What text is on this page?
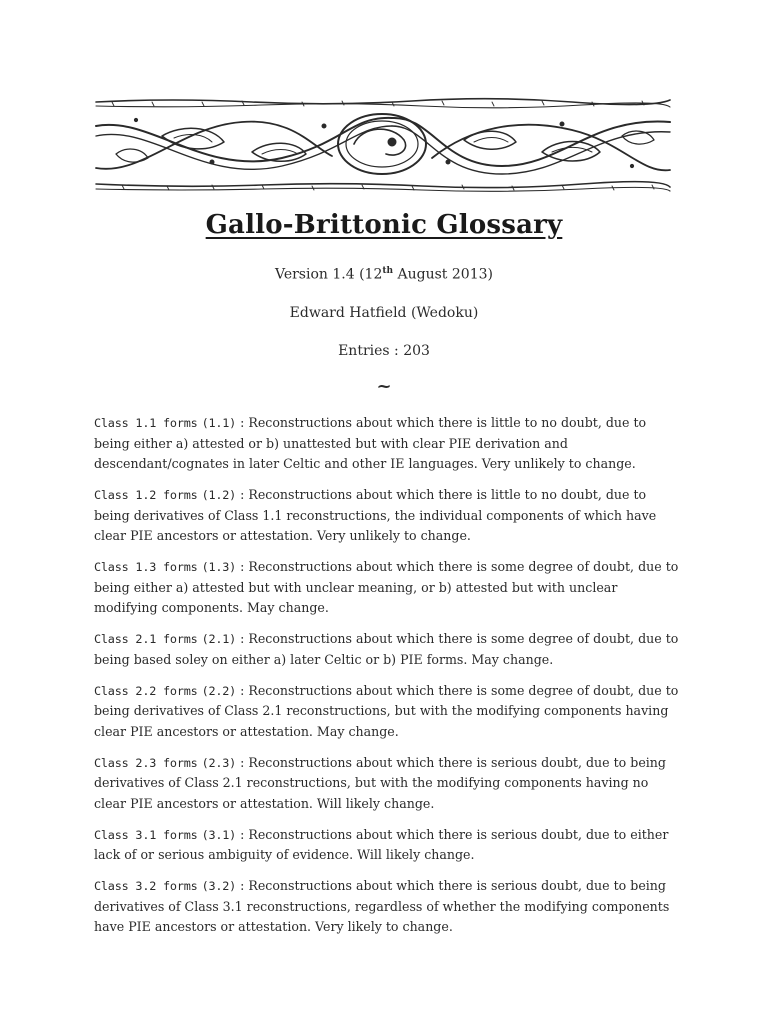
Gallo-Brittonic Glossary
Version 1.4 (12th August 2013)
Edward Hatfield (Wedoku)
Entries : 203
~

Class 1.1 forms (1.1) : Reconstructions about which there is little to no doubt, due to being either a) attested or b) unattested but with clear PIE derivation and descendant/cognates in later Celtic and other IE languages. Very unlikely to change.

Class 1.2 forms (1.2) : Reconstructions about which there is little to no doubt, due to being derivatives of Class 1.1 reconstructions, the individual components of which have clear PIE ancestors or attestation. Very unlikely to change.

Class 1.3 forms (1.3) : Reconstructions about which there is some degree of doubt, due to being either a) attested but with unclear meaning, or b) attested but with unclear modifying components. May change.

Class 2.1 forms (2.1) : Reconstructions about which there is some degree of doubt, due to being based soley on either a) later Celtic or b) PIE forms. May change.

Class 2.2 forms (2.2) : Reconstructions about which there is some degree of doubt, due to being derivatives of Class 2.1 reconstructions, but with the modifying components having clear PIE ancestors or attestation. May change.

Class 2.3 forms (2.3) : Reconstructions about which there is serious doubt, due to being derivatives of Class 2.1 reconstructions, but with the modifying components having no clear PIE ancestors or attestation. Will likely change.

Class 3.1 forms (3.1) : Reconstructions about which there is serious doubt, due to either lack of or serious ambiguity of evidence. Will likely change.

Class 3.2 forms (3.2) : Reconstructions about which there is serious doubt, due to being derivatives of Class 3.1 reconstructions, regardless of whether the modifying components have PIE ancestors or attestation. Very likely to change.
